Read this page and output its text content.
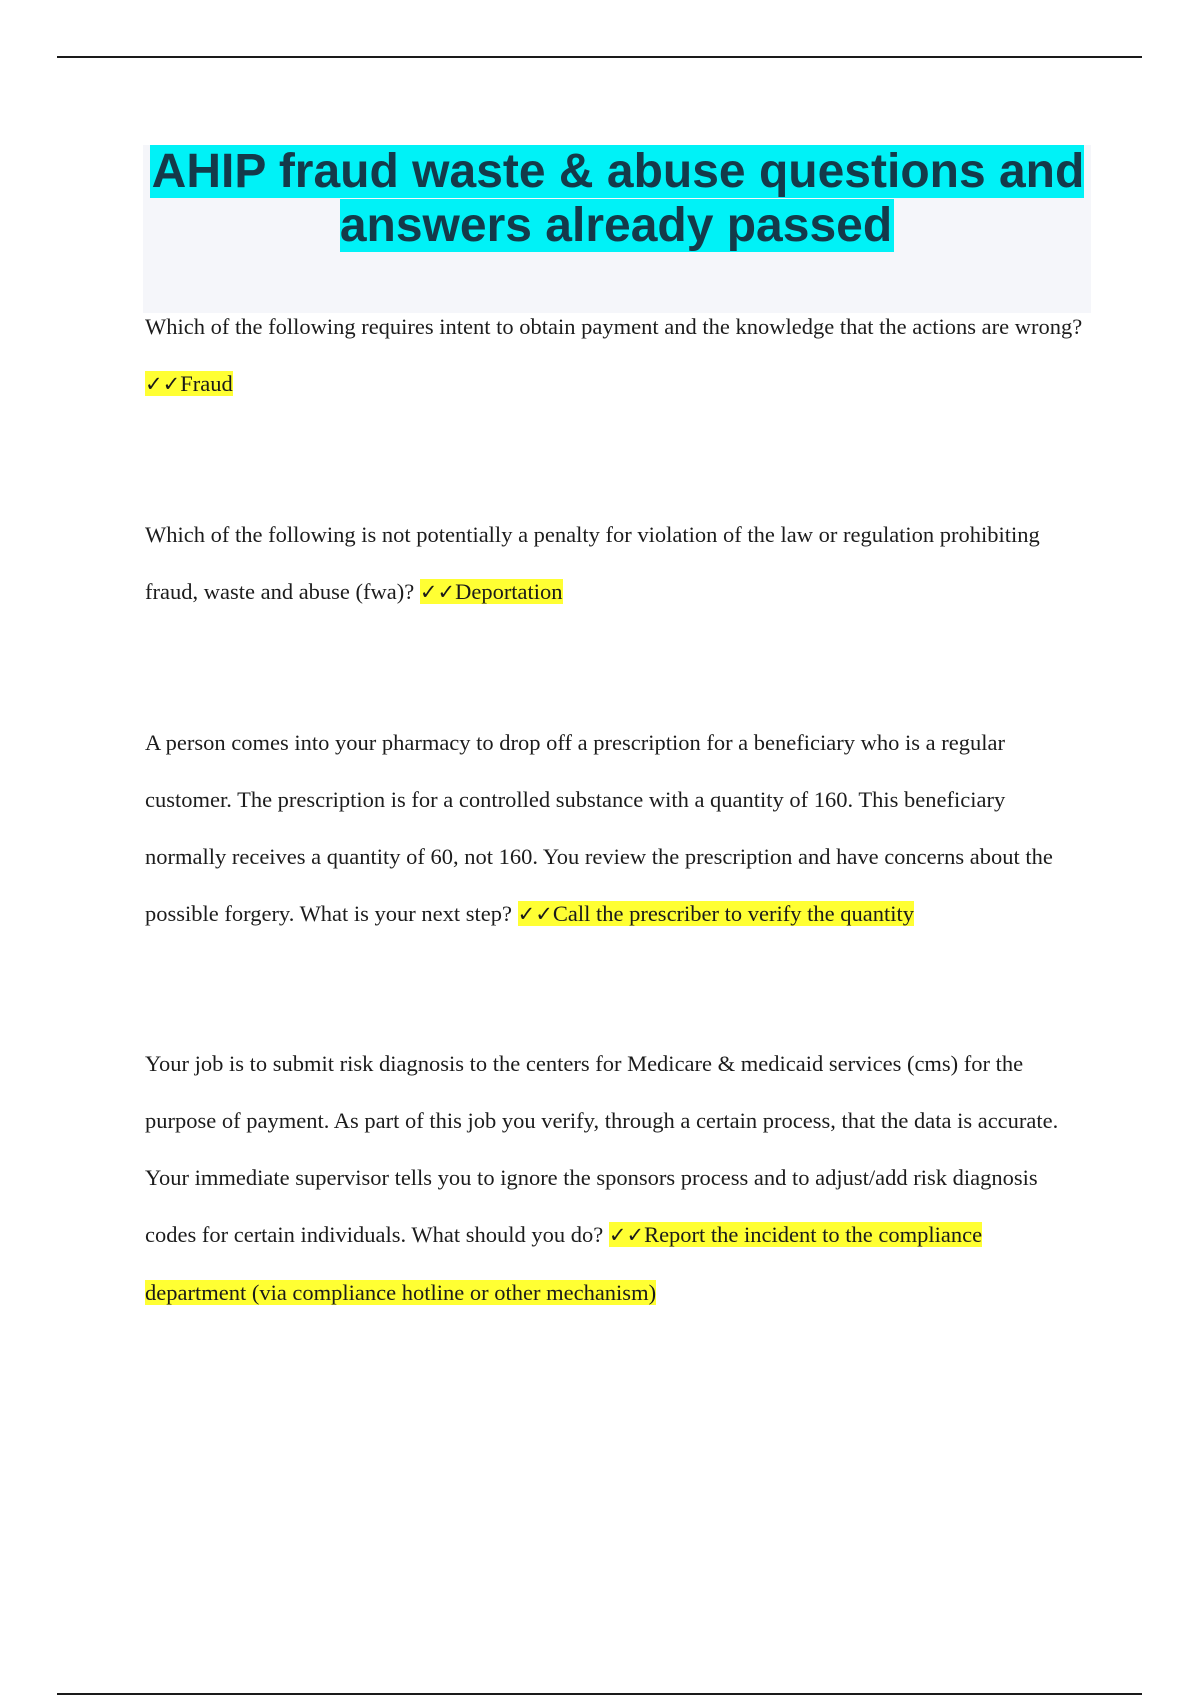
AHIP fraud waste & abuse questions and answers already passed

Which of the following requires intent to obtain payment and the knowledge that the actions are wrong? ✓✓Fraud

Which of the following is not potentially a penalty for violation of the law or regulation prohibiting fraud, waste and abuse (fwa)? ✓✓Deportation

A person comes into your pharmacy to drop off a prescription for a beneficiary who is a regular customer. The prescription is for a controlled substance with a quantity of 160. This beneficiary normally receives a quantity of 60, not 160. You review the prescription and have concerns about the possible forgery. What is your next step? ✓✓Call the prescriber to verify the quantity

Your job is to submit risk diagnosis to the centers for Medicare & medicaid services (cms) for the purpose of payment. As part of this job you verify, through a certain process, that the data is accurate. Your immediate supervisor tells you to ignore the sponsors process and to adjust/add risk diagnosis codes for certain individuals. What should you do? ✓✓Report the incident to the compliance department (via compliance hotline or other mechanism)
